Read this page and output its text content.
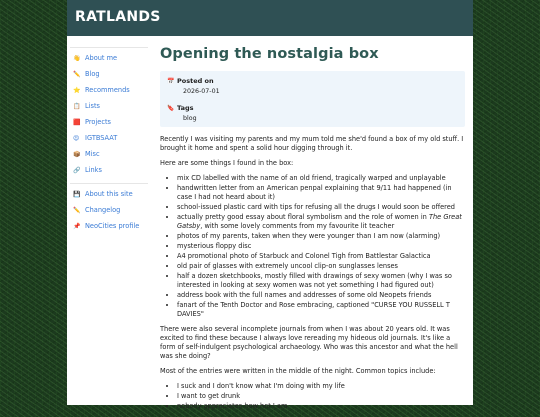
RATLANDS
👋 About me
✏️ Blog
⭐ Recommends
📋 Lists
🟥 Projects
😍 IGTBSAAT
📦 Misc
🔗 Links
💾 About this site
✏️ Changelog
📌 NeoCities profile
Opening the nostalgia box
📅 Posted on
2026-07-01
🔖 Tags
blog

Recently I was visiting my parents and my mum told me she'd found a box of my old stuff. I brought it home and spent a solid hour digging through it.

Here are some things I found in the box:

• mix CD labelled with the name of an old friend, tragically warped and unplayable
• handwritten letter from an American penpal explaining that 9/11 had happened (in case I had not heard about it)
• school-issued plastic card with tips for refusing all the drugs I would soon be offered
• actually pretty good essay about floral symbolism and the role of women in The Great Gatsby, with some lovely comments from my favourite lit teacher
• photos of my parents, taken when they were younger than I am now (alarming)
• mysterious floppy disc
• A4 promotional photo of Starbuck and Colonel Tigh from Battlestar Galactica
• old pair of glasses with extremely uncool clip-on sunglasses lenses
• half a dozen sketchbooks, mostly filled with drawings of sexy women (why I was so interested in looking at sexy women was not yet something I had figured out)
• address book with the full names and addresses of some old Neopets friends
• fanart of the Tenth Doctor and Rose embracing, captioned "CURSE YOU RUSSELL T DAVIES"

There were also several incomplete journals from when I was about 20 years old. It was excited to find these because I always love rereading my hideous old journals. It's like a form of self-indulgent psychological archaeology. Who was this ancestor and what the hell was she doing?

Most of the entries were written in the middle of the night. Common topics include:

• I suck and I don't know what I'm doing with my life
• I want to get drunk
• nobody appreciates how hot I am
